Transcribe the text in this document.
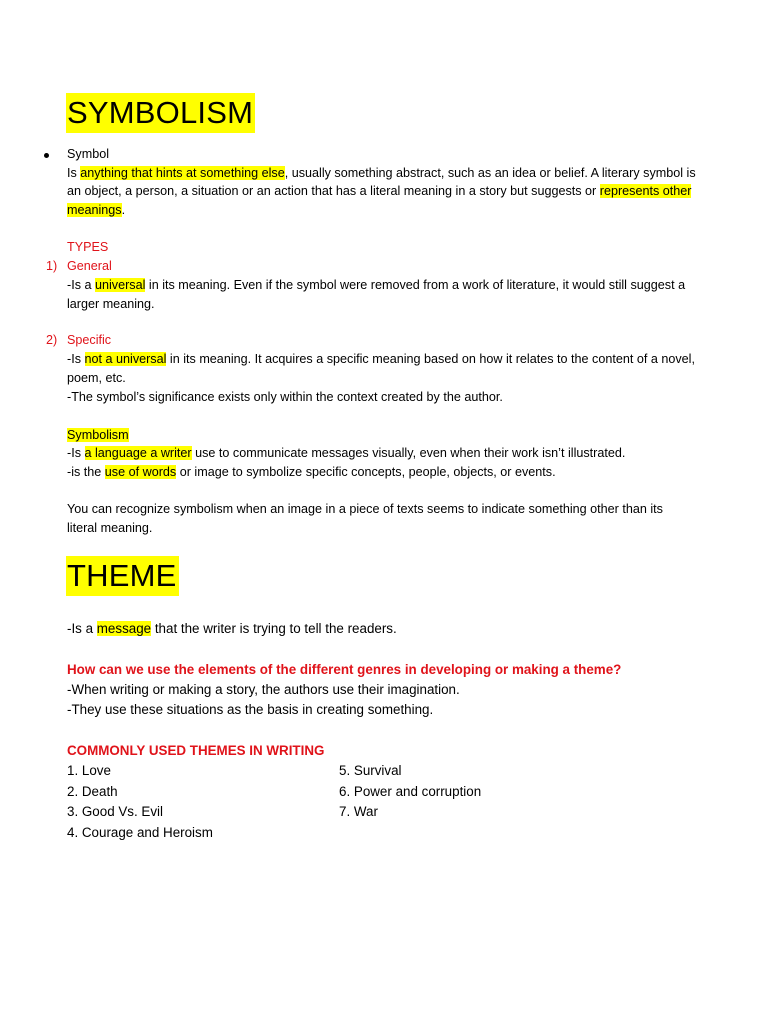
SYMBOLISM
Symbol
Is anything that hints at something else, usually something abstract, such as an idea or belief. A literary symbol is
an object, a person, a situation or an action that has a literal meaning in a story but suggests or represents other
meanings.
TYPES
1) General
-Is a universal in its meaning. Even if the symbol were removed from a work of literature, it would still suggest a
larger meaning.
2) Specific
-Is not a universal in its meaning. It acquires a specific meaning based on how it relates to the content of a novel,
poem, etc.
-The symbol’s significance exists only within the context created by the author.
Symbolism
-Is a language a writer use to communicate messages visually, even when their work isn’t illustrated.
-is the use of words or image to symbolize specific concepts, people, objects, or events.
You can recognize symbolism when an image in a piece of texts seems to indicate something other than its
literal meaning.
THEME
-Is a message that the writer is trying to tell the readers.
How can we use the elements of the different genres in developing or making a theme?
-When writing or making a story, the authors use their imagination.
-They use these situations as the basis in creating something.
COMMONLY USED THEMES IN WRITING
1. Love
2. Death
3. Good Vs. Evil
4. Courage and Heroism
5. Survival
6. Power and corruption
7. War
